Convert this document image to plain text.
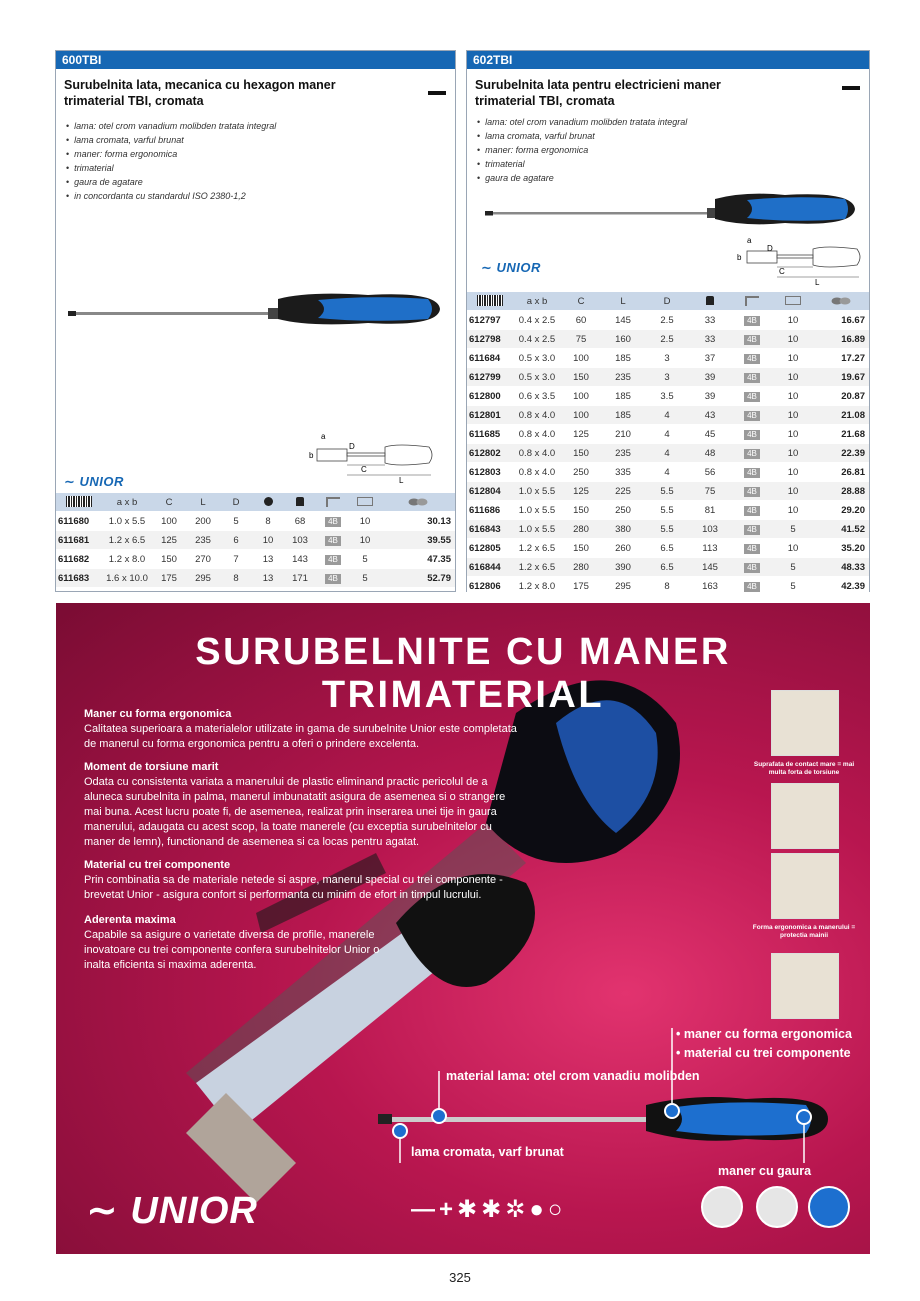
600TBI
Surubelnita lata, mecanica cu hexagon maner trimaterial TBI, cromata
• lama: otel crom vanadium molibden tratata integral
• lama cromata, varful brunat
• maner: forma ergonomica
• trimaterial
• gaura de agatare
• in concordanta cu standardul ISO 2380-1,2
a
b
D
C
L
∼ UNIOR
	a x b	C	L	D					
611680	1.0 x 5.5	100	200	5	8	68	4B	10	30.13
611681	1.2 x 6.5	125	235	6	10	103	4B	10	39.55
611682	1.2 x 8.0	150	270	7	13	143	4B	5	47.35
611683	1.6 x 10.0	175	295	8	13	171	4B	5	52.79
602TBI
Surubelnita lata pentru electricieni maner trimaterial TBI, cromata
• lama: otel crom vanadium molibden tratata integral
• lama cromata, varful brunat
• maner: forma ergonomica
• trimaterial
• gaura de agatare
a
b
D
C
L
∼ UNIOR
	a x b	C	L	D				
612797	0.4 x 2.5	60	145	2.5	33	4B	10	16.67
612798	0.4 x 2.5	75	160	2.5	33	4B	10	16.89
611684	0.5 x 3.0	100	185	3	37	4B	10	17.27
612799	0.5 x 3.0	150	235	3	39	4B	10	19.67
612800	0.6 x 3.5	100	185	3.5	39	4B	10	20.87
612801	0.8 x 4.0	100	185	4	43	4B	10	21.08
611685	0.8 x 4.0	125	210	4	45	4B	10	21.68
612802	0.8 x 4.0	150	235	4	48	4B	10	22.39
612803	0.8 x 4.0	250	335	4	56	4B	10	26.81
612804	1.0 x 5.5	125	225	5.5	75	4B	10	28.88
611686	1.0 x 5.5	150	250	5.5	81	4B	10	29.20
616843	1.0 x 5.5	280	380	5.5	103	4B	5	41.52
612805	1.2 x 6.5	150	260	6.5	113	4B	10	35.20
616844	1.2 x 6.5	280	390	6.5	145	4B	5	48.33
612806	1.2 x 8.0	175	295	8	163	4B	5	42.39
SURUBELNITE CU MANER TRIMATERIAL
Maner cu forma ergonomica

Calitatea superioara a materialelor utilizate in gama de surubelnite Unior este completata de manerul cu forma ergonomica pentru a oferi o prindere excelenta.

Moment de torsiune marit

Odata cu consistenta variata a manerului de plastic eliminand practic pericolul de a aluneca surubelnita in palma, manerul imbunatatit asigura de asemenea si o strangere mai buna. Acest lucru poate fi, de asemenea, realizat prin inserarea unei tije in gaura manerului, adaugata cu acest scop, la toate manerele (cu exceptia surubelnitelor cu maner de lemn), functionand de asemenea si ca locas pentru agatat.

Material cu trei componente

Prin combinatia sa de materiale netede si aspre, manerul special cu trei componente - brevetat Unior - asigura confort si performanta cu minim de efort in timpul lucrului.

Aderenta maxima

Capabile sa asigure o varietate diversa de profile, manerele inovatoare cu trei componente confera surubelnitelor Unior o inalta eficienta si maxima aderenta.

Suprafata de contact mare = mai multa forta de torsiune
Forma ergonomica a manerului = protectia mainii
• maner cu forma ergonomica
• material cu trei componente
material lama: otel crom vanadiu molibden
lama cromata, varf brunat
maner cu gaura
∼ UNIOR	—+✱✱✲●○
325
